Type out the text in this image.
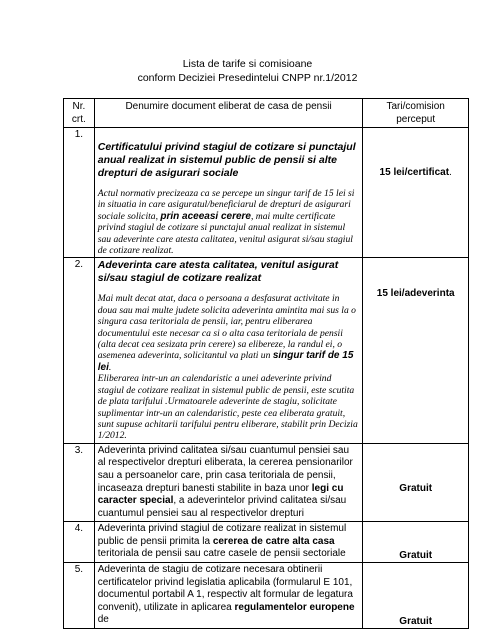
Lista de tarife si comisioane
conform Deciziei Presedintelui CNPP nr.1/2012
Nr. crt.	Denumire document eliberat de casa de pensii	Tari/comision perceput
1.	Certificatului privind stagiul de cotizare si punctajul anual realizat in sistemul public de pensii si alte drepturi de asigurari sociale
Actul normativ precizeaza ca se percepe un singur tarif de 15 lei si in situatia in care asiguratul/beneficiarul de drepturi de asigurari sociale solicita, prin aceeasi cerere, mai multe certificate privind stagiul de cotizare si punctajul anual realizat in sistemul sau adeverinte care atesta calitatea, venitul asigurat si/sau stagiul de cotizare realizat.	15 lei/certificat.

2.	Adeverinta care atesta calitatea, venitul asigurat si/sau stagiul de cotizare realizat
Mai mult decat atat, daca o persoana a desfasurat activitate in doua sau mai multe judete solicita adeverinta amintita mai sus la o singura casa teritoriala de pensii, iar, pentru eliberarea documentului este necesar ca si o alta casa teritoriala de pensii (alta decat cea sesizata prin cerere) sa elibereze, la randul ei, o asemenea adeverinta, solicitantul va plati un singur tarif de 15 lei.
Eliberarea intr-un an calendaristic a unei adeverinte privind stagiul de cotizare realizat in sistemul public de pensii, este scutita de plata tarifului .Urmatoarele adeverinte de stagiu, solicitate suplimentar intr-un an calendaristic, peste cea eliberata gratuit, sunt supuse achitarii tarifului pentru eliberare, stabilit prin Decizia 1/2012.	15 lei/adeverinta

3.	Adeverinta privind calitatea si/sau cuantumul pensiei sau al respectivelor drepturi eliberata, la cererea pensionarilor sau a persoanelor care, prin casa teritoriala de pensii, incaseaza drepturi banesti stabilite in baza unor legi cu caracter special, a adeverintelor privind calitatea si/sau cuantumul pensiei sau al respectivelor drepturi	Gratuit

4.	Adeverinta privind stagiul de cotizare realizat in sistemul public de pensii primita la cererea de catre alta casa teritoriala de pensii sau catre casele de pensii sectoriale	Gratuit

5.	Adeverinta de stagiu de cotizare necesara obtinerii certificatelor privind legislatia aplicabila (formularul E 101, documentul portabil A 1, respectiv alt formular de legatura convenit), utilizate in aplicarea regulamentelor europene de	Gratuit
